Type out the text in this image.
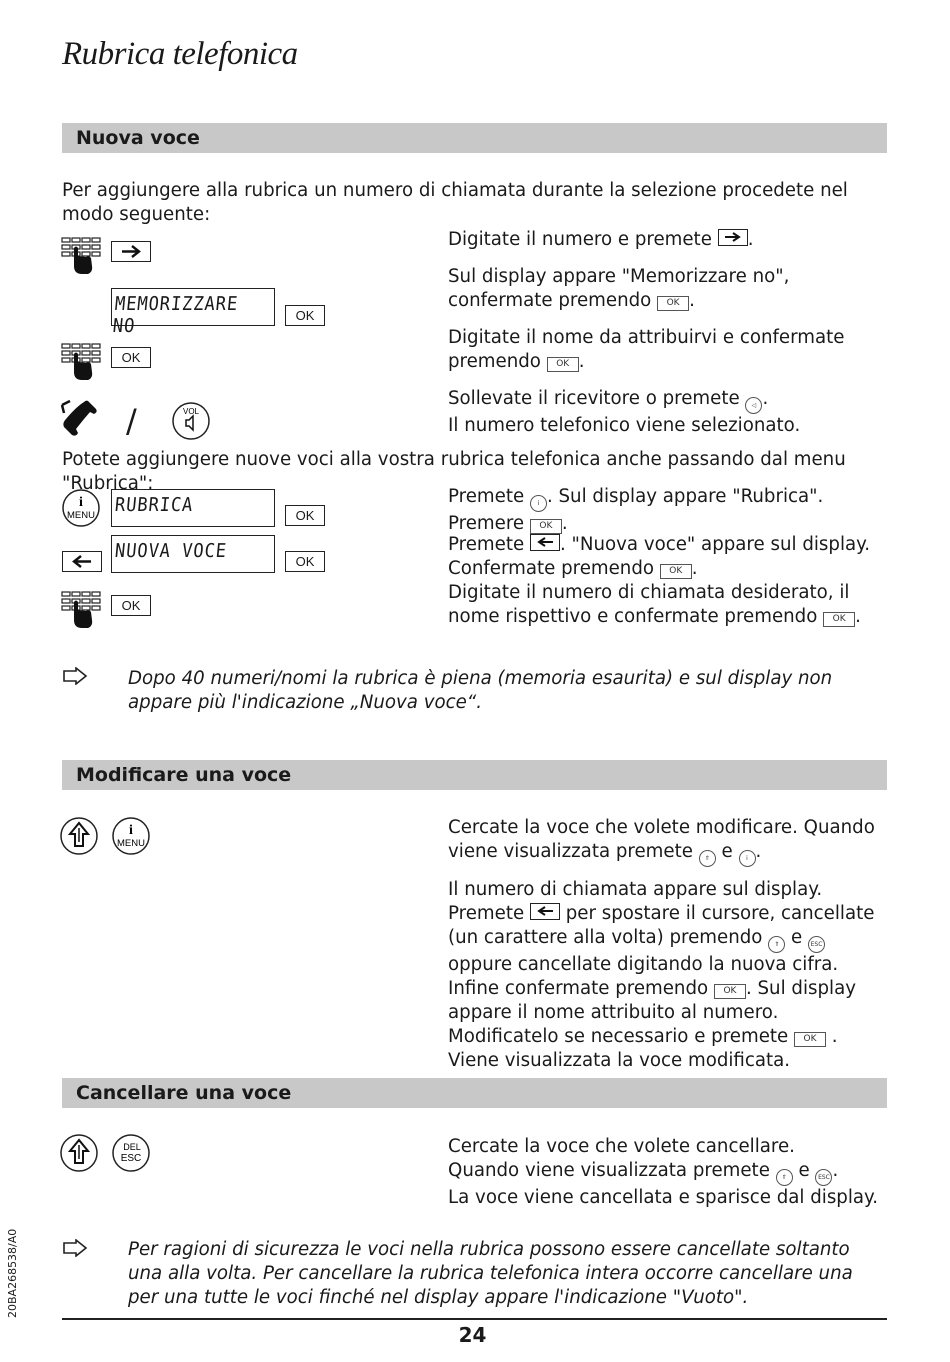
Rubrica telefonica
Nuova voce
Per aggiungere alla rubrica un numero di chiamata durante la selezione procedete nel modo seguente:
MEMORIZZARE NO	OK
OK
/	VOL
Digitate il numero e premete .
Sul display appare "Memorizzare no", confermate premendo OK .
Digitate il nome da attribuirvi e confermate premendo OK .
Sollevate il ricevitore o premete ◁ .
Il numero telefonico viene selezionato.
Potete aggiungere nuove voci alla vostra rubrica telefonica anche passando dal menu "Rubrica":
i
MENU RUBRICA	OK
NUOVA VOCE	OK
OK
Premete i . Sul display appare "Rubrica". Premere OK .
Premete . "Nuova voce" appare sul display. Confermate premendo OK .
Digitate il numero di chiamata desiderato, il nome rispettivo e confermate premendo OK .
Dopo 40 numeri/nomi la rubrica è piena (memoria esaurita) e sul display non appare più l'indicazione „Nuova voce“.
Modificare una voce
i
MENU
Cercate la voce che volete modificare. Quando viene visualizzata premete ⇑ e i .
Il numero di chiamata appare sul display. Premete per spostare il cursore, cancellate (un carattere alla volta) premendo ⇑ e ESC oppure cancellate digitando la nuova cifra. Infine confermate premendo OK . Sul display appare il nome attribuito al numero. Modificatelo se necessario e premete OK . Viene visualizzata la voce modificata.
Cancellare una voce
DEL
ESC
Cercate la voce che volete cancellare.
Quando viene visualizzata premete ⇑ e ESC .
La voce viene cancellata e sparisce dal display.
Per ragioni di sicurezza le voci nella rubrica possono essere cancellate soltanto una alla volta. Per cancellare la rubrica telefonica intera occorre cancellare una per una tutte le voci finché nel display appare l'indicazione "Vuoto".
24
20BA268538/A0
